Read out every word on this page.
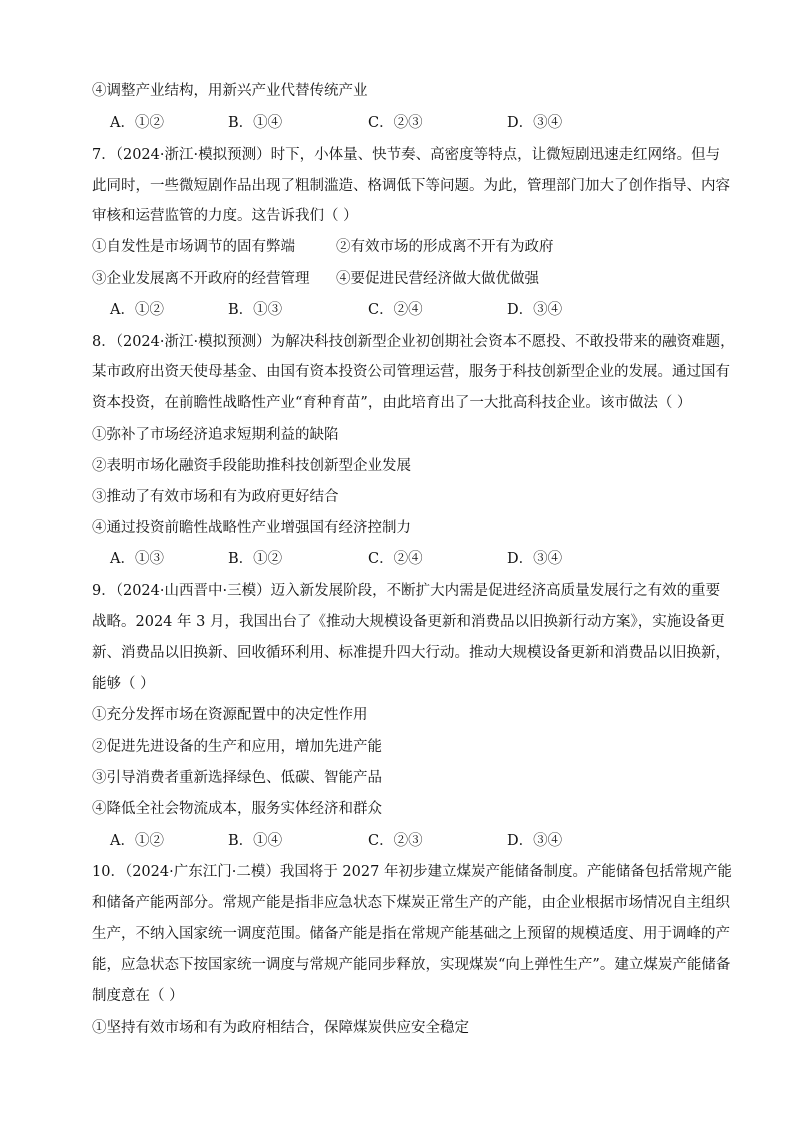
④调整产业结构，用新兴产业代替传统产业
A．①②	B．①④	C．②③	D．③④
7．（2024·浙江·模拟预测）时下，小体量、快节奏、高密度等特点，让微短剧迅速走红网络。但与
此同时，一些微短剧作品出现了粗制滥造、格调低下等问题。为此，管理部门加大了创作指导、内容
审核和运营监管的力度。这告诉我们（ ）
①自发性是市场调节的固有弊端	②有效市场的形成离不开有为政府
③企业发展离不开政府的经营管理 ④要促进民营经济做大做优做强
A．①②	B．①③	C．②④	D．③④
8．（2024·浙江·模拟预测）为解决科技创新型企业初创期社会资本不愿投、不敢投带来的融资难题，
某市政府出资天使母基金、由国有资本投资公司管理运营，服务于科技创新型企业的发展。通过国有
资本投资，在前瞻性战略性产业“育种育苗”，由此培育出了一大批高科技企业。该市做法（ ）
①弥补了市场经济追求短期利益的缺陷
②表明市场化融资手段能助推科技创新型企业发展
③推动了有效市场和有为政府更好结合
④通过投资前瞻性战略性产业增强国有经济控制力
A．①③	B．①②	C．②④	D．③④
9．（2024·山西晋中·三模）迈入新发展阶段，不断扩大内需是促进经济高质量发展行之有效的重要
战略。2024 年 3 月，我国出台了《推动大规模设备更新和消费品以旧换新行动方案》，实施设备更
新、消费品以旧换新、回收循环利用、标准提升四大行动。推动大规模设备更新和消费品以旧换新，
能够（ ）
①充分发挥市场在资源配置中的决定性作用
②促进先进设备的生产和应用，增加先进产能
③引导消费者重新选择绿色、低碳、智能产品
④降低全社会物流成本，服务实体经济和群众
A．①②	B．①④	C．②③	D．③④
10．（2024·广东江门·二模）我国将于 2027 年初步建立煤炭产能储备制度。产能储备包括常规产能
和储备产能两部分。常规产能是指非应急状态下煤炭正常生产的产能，由企业根据市场情况自主组织
生产，不纳入国家统一调度范围。储备产能是指在常规产能基础之上预留的规模适度、用于调峰的产
能，应急状态下按国家统一调度与常规产能同步释放，实现煤炭“向上弹性生产”。建立煤炭产能储备
制度意在（ ）
①坚持有效市场和有为政府相结合，保障煤炭供应安全稳定
